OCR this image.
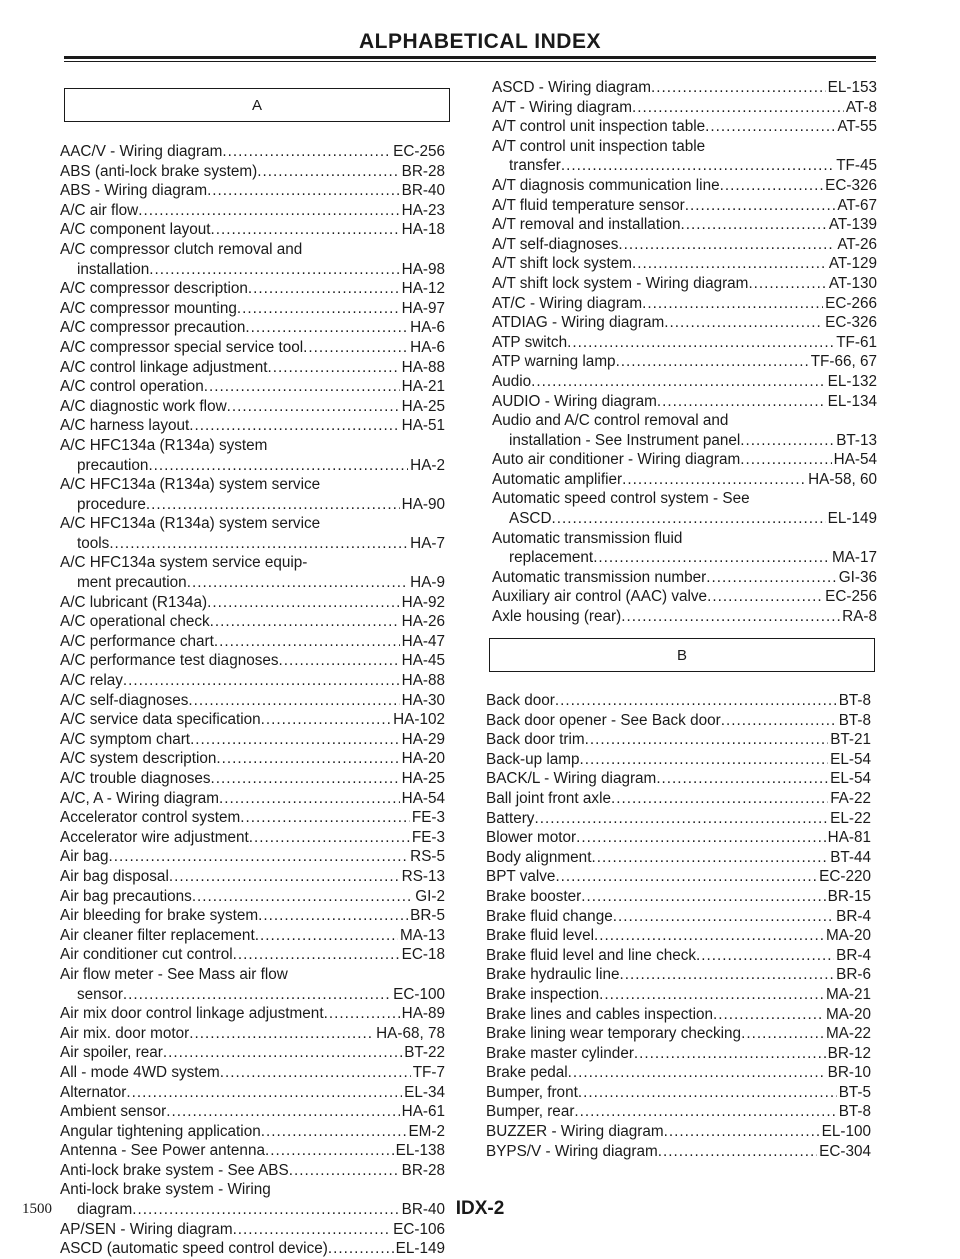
ALPHABETICAL INDEX
A
AAC/V - Wiring diagram .....	EC-256
ABS (anti-lock brake system) .....	BR-28
ABS - Wiring diagram .....	BR-40
A/C air flow .....	HA-23
A/C component layout .....	HA-18
A/C compressor clutch removal and
installation .....	HA-98
A/C compressor description .....	HA-12
A/C compressor mounting .....	HA-97
A/C compressor precaution .....	HA-6
A/C compressor special service tool .....	HA-6
A/C control linkage adjustment .....	HA-88
A/C control operation .....	HA-21
A/C diagnostic work flow .....	HA-25
A/C harness layout .....	HA-51
A/C HFC134a (R134a) system
precaution .....	HA-2
A/C HFC134a (R134a) system service
procedure .....	HA-90
A/C HFC134a (R134a) system service
tools .....	HA-7
A/C HFC134a system service equip-
ment precaution .....	HA-9
A/C lubricant (R134a) .....	HA-92
A/C operational check .....	HA-26
A/C performance chart .....	HA-47
A/C performance test diagnoses .....	HA-45
A/C relay .....	HA-88
A/C self-diagnoses .....	HA-30
A/C service data specification .....	HA-102
A/C symptom chart .....	HA-29
A/C system description .....	HA-20
A/C trouble diagnoses .....	HA-25
A/C, A - Wiring diagram .....	HA-54
Accelerator control system .....	FE-3
Accelerator wire adjustment .....	FE-3
Air bag .....	RS-5
Air bag disposal .....	RS-13
Air bag precautions .....	GI-2
Air bleeding for brake system .....	BR-5
Air cleaner filter replacement .....	MA-13
Air conditioner cut control .....	EC-18
Air flow meter - See Mass air flow
sensor .....	EC-100
Air mix door control linkage adjustment .....	HA-89
Air mix. door motor .....	HA-68, 78
Air spoiler, rear .....	BT-22
All - mode 4WD system .....	TF-7
Alternator .....	EL-34
Ambient sensor .....	HA-61
Angular tightening application .....	EM-2
Antenna - See Power antenna .....	EL-138
Anti-lock brake system - See ABS .....	BR-28
Anti-lock brake system - Wiring
diagram .....	BR-40
AP/SEN - Wiring diagram .....	EC-106
ASCD (automatic speed control device) .....	EL-149
ASCD - Wiring diagram .....	EL-153
A/T - Wiring diagram .....	AT-8
A/T control unit inspection table .....	AT-55
A/T control unit inspection table
transfer .....	TF-45
A/T diagnosis communication line .....	EC-326
A/T fluid temperature sensor .....	AT-67
A/T removal and installation .....	AT-139
A/T self-diagnoses .....	AT-26
A/T shift lock system .....	AT-129
A/T shift lock system - Wiring diagram .....	AT-130
AT/C - Wiring diagram .....	EC-266
ATDIAG - Wiring diagram .....	EC-326
ATP switch .....	TF-61
ATP warning lamp .....	TF-66, 67
Audio .....	EL-132
AUDIO - Wiring diagram .....	EL-134
Audio and A/C control removal and
installation - See Instrument panel .....	BT-13
Auto air conditioner - Wiring diagram .....	HA-54
Automatic amplifier .....	HA-58, 60
Automatic speed control system - See
ASCD .....	EL-149
Automatic transmission fluid
replacement .....	MA-17
Automatic transmission number .....	GI-36
Auxiliary air control (AAC) valve .....	EC-256
Axle housing (rear) .....	RA-8
B
Back door .....	BT-8
Back door opener - See Back door .....	BT-8
Back door trim .....	BT-21
Back-up lamp .....	EL-54
BACK/L - Wiring diagram .....	EL-54
Ball joint front axle .....	FA-22
Battery .....	EL-22
Blower motor .....	HA-81
Body alignment .....	BT-44
BPT valve .....	EC-220
Brake booster .....	BR-15
Brake fluid change .....	BR-4
Brake fluid level .....	MA-20
Brake fluid level and line check .....	BR-4
Brake hydraulic line .....	BR-6
Brake inspection .....	MA-21
Brake lines and cables inspection .....	MA-20
Brake lining wear temporary checking .....	MA-22
Brake master cylinder .....	BR-12
Brake pedal .....	BR-10
Bumper, front .....	BT-5
Bumper, rear .....	BT-8
BUZZER - Wiring diagram .....	EL-100
BYPS/V - Wiring diagram .....	EC-304
1500	IDX-2
